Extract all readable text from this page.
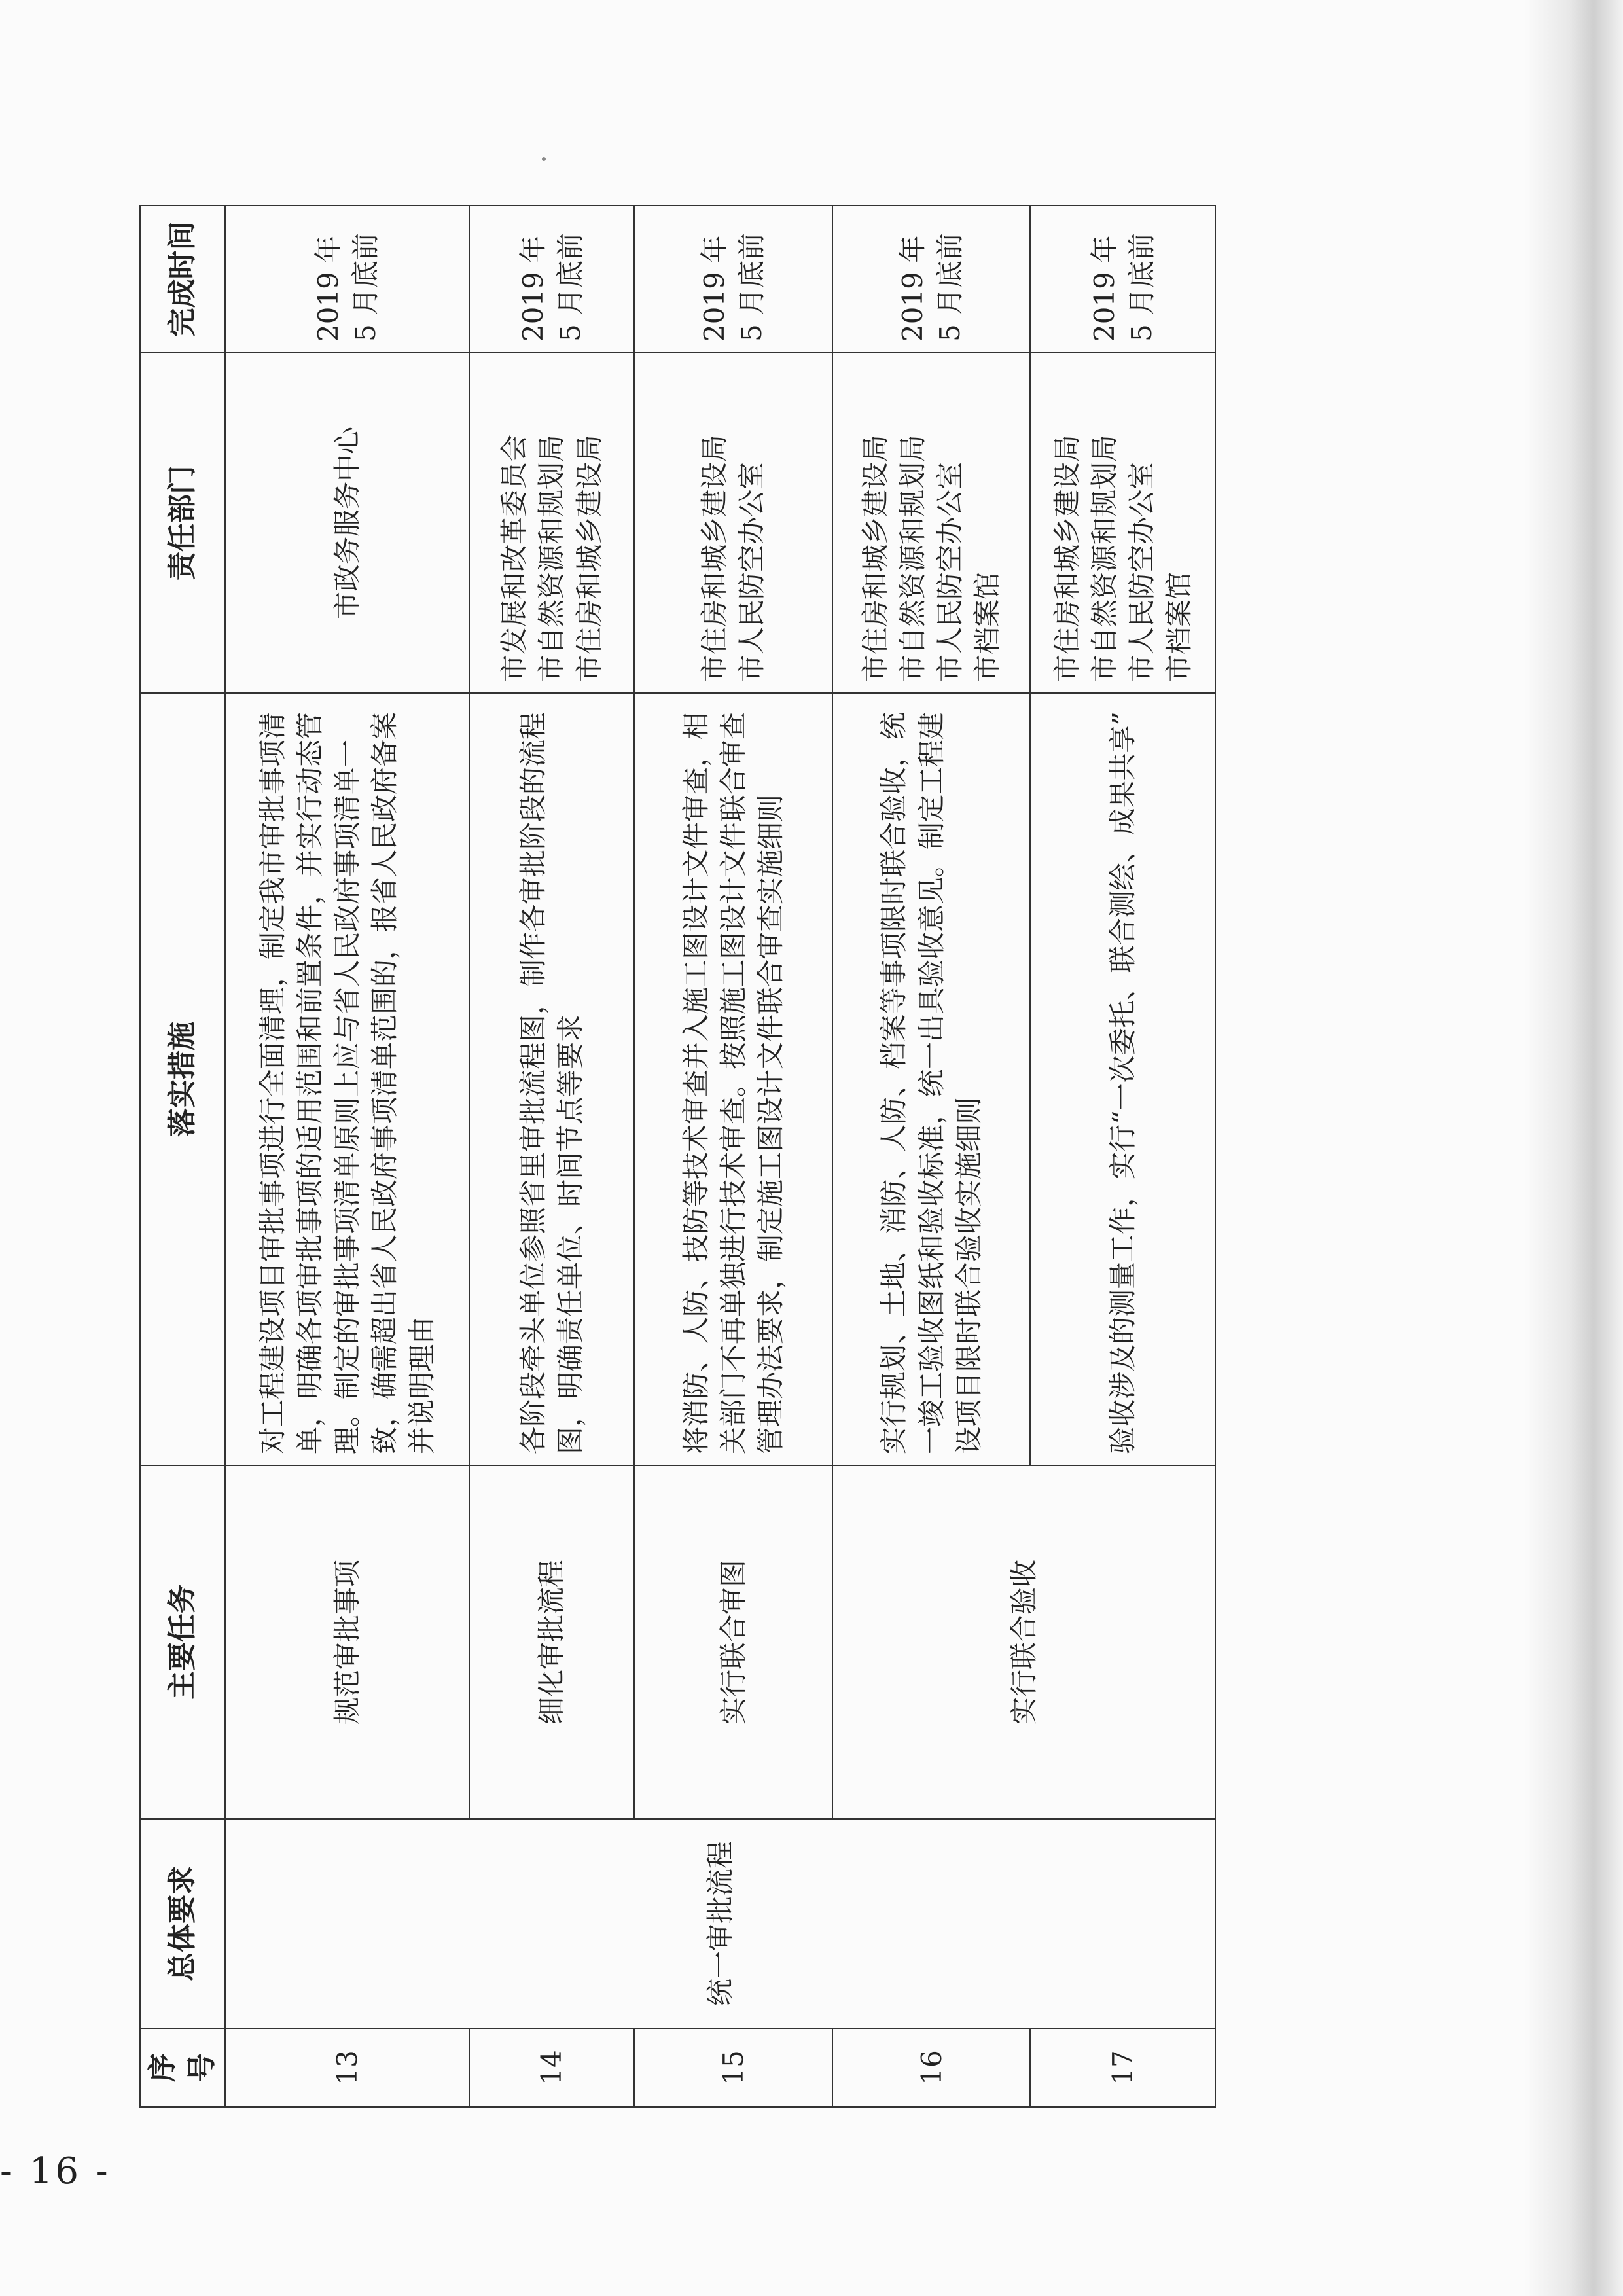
序号	总体要求	主要任务	落实措施	责任部门	完成时间
13	统一审批流程	规范审批事项	对工程建设项目审批事项进行全面清理，制定我市审批事项清单，明确各项审批事项的适用范围和前置条件，并实行动态管理。制定的审批事项清单原则上应与省人民政府事项清单一致，确需超出省人民政府事项清单范围的，报省人民政府备案并说明理由	市政务服务中心	2019 年 5 月底前
14		细化审批流程	各阶段牵头单位参照省里审批流程图，制作各审批阶段的流程图，明确责任单位、时间节点等要求	市发展和改革委员会 市自然资源和规划局 市住房和城乡建设局	2019 年 5 月底前
15		实行联合审图	将消防、人防、技防等技术审查并入施工图设计文件审查，相关部门不再单独进行技术审查。按照施工图设计文件联合审查管理办法要求，制定施工图设计文件联合审查实施细则	市住房和城乡建设局 市人民防空办公室	2019 年 5 月底前
16		实行联合验收	实行规划、土地、消防、人防、档案等事项限时联合验收，统一竣工验收图纸和验收标准，统一出具验收意见。制定工程建设项目限时联合验收实施细则	市住房和城乡建设局 市自然资源和规划局 市人民防空办公室 市档案馆	2019 年 5 月底前
17			验收涉及的测量工作，实行“一次委托、联合测绘、成果共享”	市住房和城乡建设局 市自然资源和规划局 市人民防空办公室 市档案馆	2019 年 5 月底前
- 16 -
